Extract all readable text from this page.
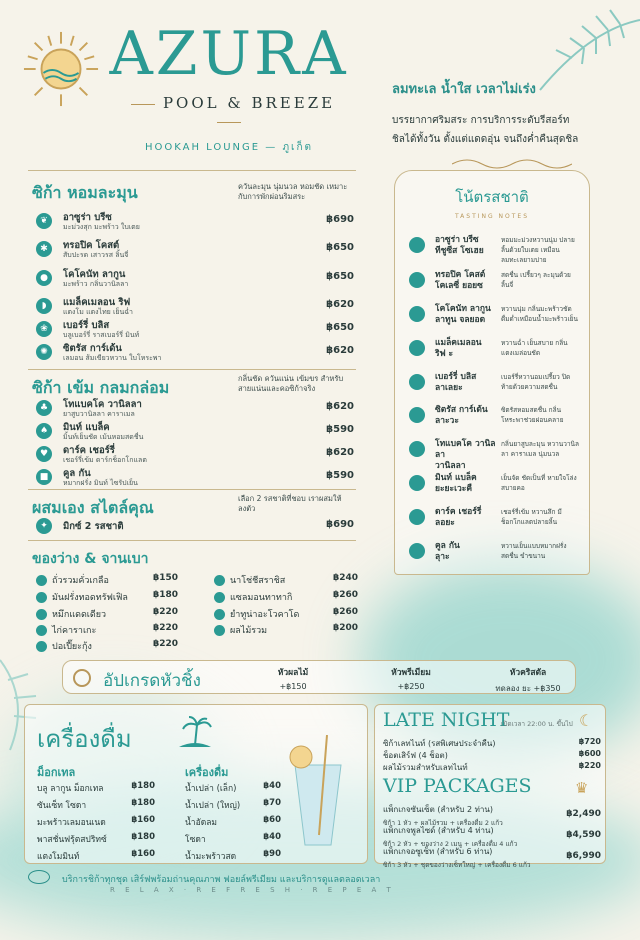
AZURA
POOL & BREEZE
HOOKAH LOUNGE — ภูเก็ต
ลมทะเล น้ำใส เวลาไม่เร่ง
บรรยากาศริมสระ การบริการระดับรีสอร์ท
ชิลได้ทั้งวัน ตั้งแต่แดดอุ่น จนถึงค่ำคืนสุดชิล
ซิก้า หอมละมุน	ควันละมุน นุ่มนวล หอมชัด เหมาะกับการพักผ่อนริมสระ
❦	อาซูร่า บรีซ
มะม่วงสุก มะพร้าว ใบเตย
฿690
✱	ทรอปิค โคสต์
สับปะรด เสาวรส ลิ้นจี่
฿650
●	โคโคนัท ลากูน
มะพร้าว กลิ่นวานิลลา
฿650
◗	แมล็คเมลอน ริฟ
แตงโม แตงไทย เย็นฉ่ำ
฿620
❀	เบอร์รี่ บลิส
บลูเบอร์รี่ ราสเบอร์รี่ มินท์
฿650
✺	ซิตรัส การ์เด้น
เลมอน ส้มเขียวหวาน ใบโหระพา
฿620
ซิก้า เข้ม กลมกล่อม	กลิ่นชัด ควันแน่น เข้มขร สำหรับสายแน่นและคอซิก้าจริง
♣	โทแบคโค วานิลลา
ยาสูบวานิลลา คาราเมล
฿620
♠	มินท์ แบล็ค
มิ้นท์เย็นชัด เม้นหอมสดชื่น
฿590
♥	ดาร์ค เชอร์รี่
เชอร์รี่เข้ม ดาร์กช็อกโกแลต
฿620
■	คูล กัน
หมากฝรั่ง มินท์ ไซรัปเย็น
฿590
ผสมเอง สไตล์คุณ	เลือก 2 รสชาติที่ชอบ เราผสมให้ลงตัว
✦	มิกซ์ 2 รสชาติ	฿690
ของว่าง & จานเบา
ถั่วรวมคั่วเกลือ	฿150
มันฝรั่งทอดทรัฟเฟิล	฿180
หมึกแดดเดียว	฿220
ไก่คาราเกะ	฿220
ปอเปี๊ยะกุ้ง	฿220
นาโช่ชีสราชิส	฿240
แซลมอนทาทากิ	฿260
ยำทูน่าอะโวคาโด	฿260
ผลไม้รวม	฿200
โน้ตรสชาติ
TASTING NOTES
อาซูร่า บรีซ
ทีชูซีส โซเฮย
หอมมะม่วงหวานนุ่ม ปลายลิ้นด้วยใบเตย เหมือนลมทะเลยามบ่าย
ทรอปิค โคสต์
โคเลซี่ ยอยซ
สดชื่น เปรี้ยวๆ ละมุนด้วยลิ้นจี่
โคโคนัท ลากูน
ลาทูน จลยอด
หวานนุ่ม กลิ่นมะพร้าวชัด ดื่มด่ำเหมือนน้ำมะพร้าวเย็น
แมล็คเมลอน
ริฟ ะ
หวานฉ่ำ เย็นสบาย กลิ่นแตงเมล่อนชัด
เบอร์รี่ บลิส
ลาเลยะ
เบอร์รี่หวานอมเปรี้ยว ปิดท้ายด้วยความสดชื่น
ซิตรัส การ์เด้น
ลาะวะ
ซิตรัสหอมสดชื่น กลิ่นโหระพาช่วยผ่อนคลาย
โทแบคโค วานิลลา
วานิลลา
กลิ่นยาสูบละมุน หวานวานิลลา คาราเมล นุ่มนวล
มินท์ แบล็ค
ยะยะเวะคื
เย็นจัด ชัดเป็นที่ หายใจโล่ง สบายคอ
ดาร์ค เชอร์รี่
ลอยะ
เชอร์รี่เข้ม หวานลึก มีช็อกโกแลตปลายลิ้น
คูล กัน
ลุาะ
หวานเย็นแบบหมากฝรั่ง สดชื่น ขำขนาน
อัปเกรดหัวชิ้ง	หัวผลไม้
+฿150
หัวพรีเมียม
+฿250
หัวคริสตัล
ทดลอง ยะ +฿350
เครื่องดื่ม
ม็อกเทล	เครื่องดื่ม
บลู ลากูน ม็อกเทล	฿180
ซันเซ็ท โซดา	฿180
มะพร้าวเลมอนเนด	฿160
พาสชั่นฟรุ้ตสปริทซ์	฿180
แตงโมมินท์	฿160
น้ำเปล่า (เล็ก)	฿40
น้ำเปล่า (ใหญ่)	฿70
น้ำอัดลม	฿60
โซดา	฿40
น้ำมะพร้าวสด	฿90
LATE NIGHT
เปิดเวลา 22:00 น. ขึ้นไป ☾
ซิก้าเลทไนท์ (รสพิเศษประจำคืน)	฿720
ช็อตเสิร์ฟ (4 ช็อต)	฿600
ผลไม้รวมสำหรับเลทไนท์	฿220
VIP PACKAGES	♛
แพ็กเกจซันเซ็ต (สำหรับ 2 ท่าน)
ซิก้า 1 หัว + ผลไม้รวม + เครื่องดื่ม 2 แก้ว
฿2,490
แพ็กเกจพูลไซด์ (สำหรับ 4 ท่าน)
ซิก้า 2 หัว + ของว่าง 2 เมนู + เครื่องดื่ม 4 แก้ว
฿4,590
แพ็กเกจอซูเซ็ท (สำหรับ 6 ท่าน)
ซิก้า 3 หัว + ชุดของว่างเซ็ทใหญ่ + เครื่องดื่ม 6 แก้ว
฿6,990
บริการชิก้าทุกชุด เสิร์ฟพร้อมถ่านคุณภาพ ฟอยล์พรีเมียม และบริการดูแลตลอดเวลา
R E L A X · R E F R E S H · R E P E A T
